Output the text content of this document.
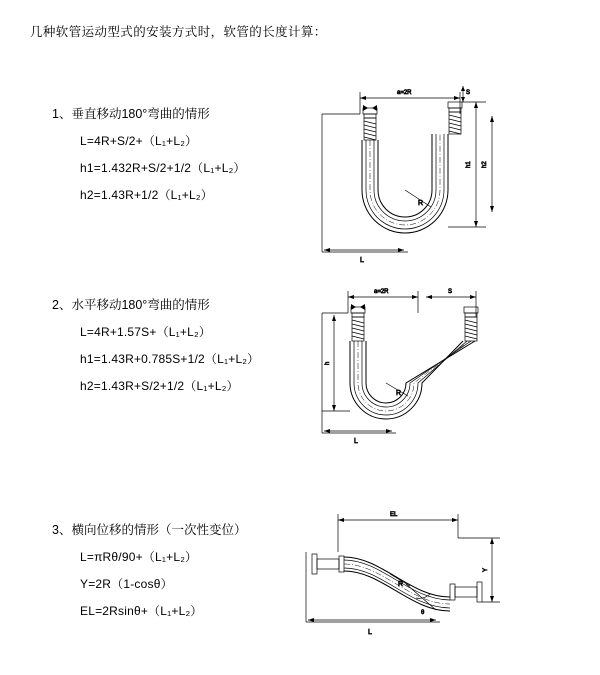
几种软管运动型式的安装方式时，软管的长度计算：
1、垂直移动180°弯曲的情形
L=4R+S/2+（L₁+L₂）
h1=1.432R+S/2+1/2（L₁+L₂）
h2=1.43R+1/2（L₁+L₂）
a=2R
R
L
h1 h2
S
2、水平移动180°弯曲的情形
L=4R+1.57S+（L₁+L₂）
h1=1.43R+0.785S+1/2（L₁+L₂）
h2=1.43R+S/2+1/2（L₁+L₂）
a=2R	S
R
L
h
3、横向位移的情形（一次性变位）
L=πRθ/90+（L₁+L₂）
Y=2R（1-cosθ）
EL=2Rsinθ+（L₁+L₂）
EL
θ
R
L
Y
